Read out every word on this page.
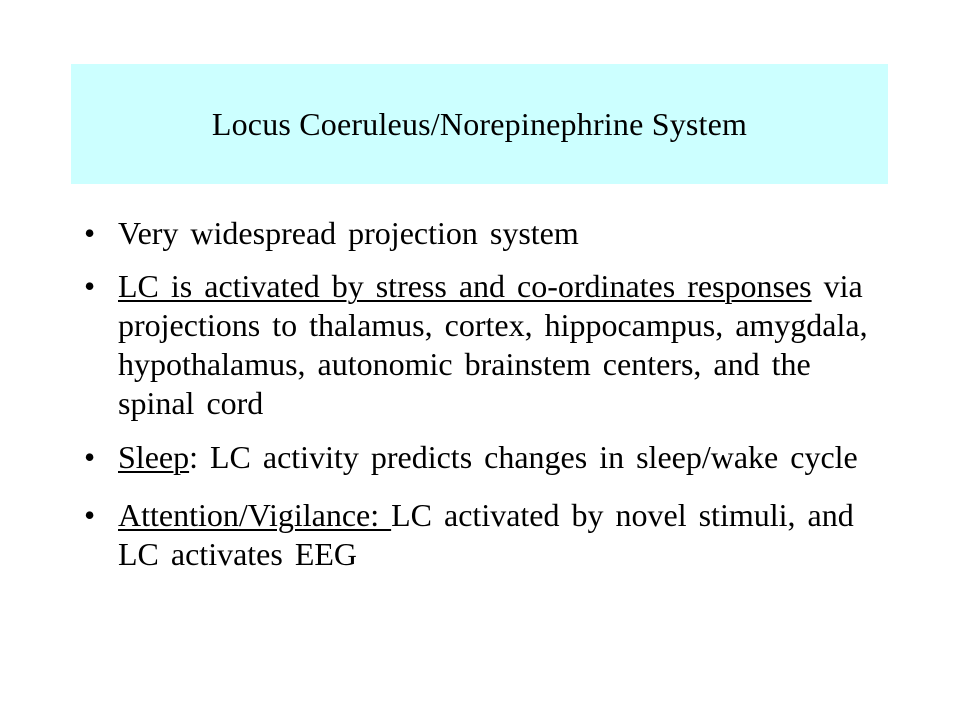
Locus Coeruleus/Norepinephrine System
• Very widespread projection system
• LC is activated by stress and co-ordinates responses via projections to thalamus, cortex, hippocampus, amygdala, hypothalamus, autonomic brainstem centers, and the spinal cord
• Sleep: LC activity predicts changes in sleep/wake cycle
• Attention/Vigilance: LC activated by novel stimuli, and LC activates EEG
